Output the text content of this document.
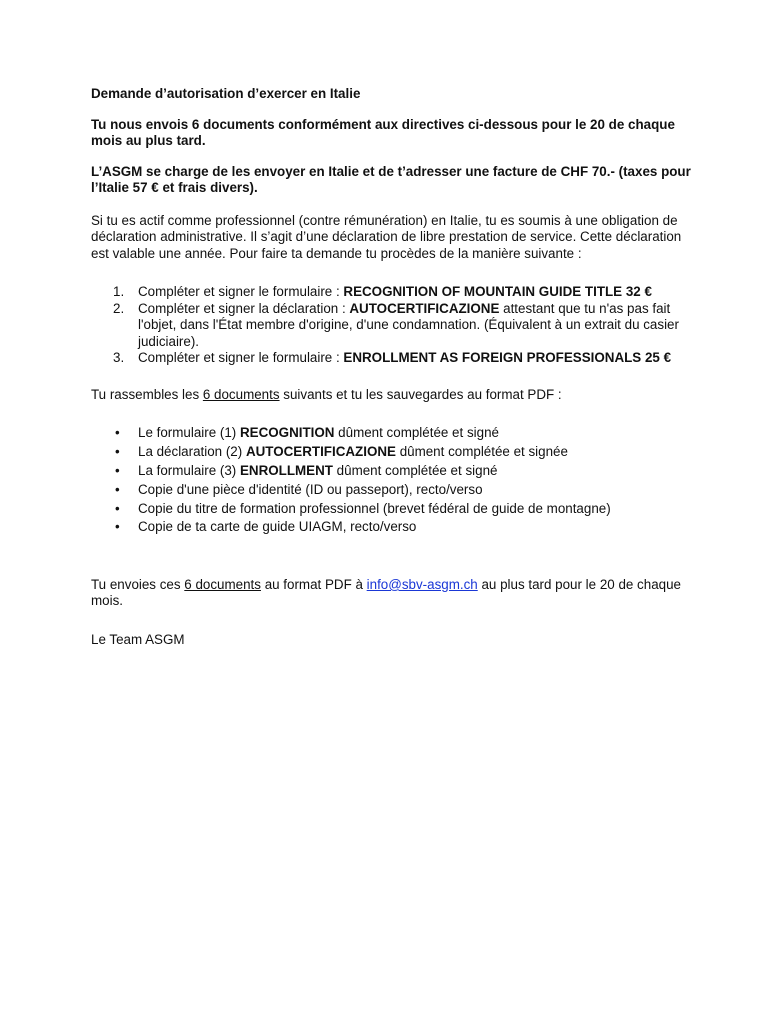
Demande d’autorisation d’exercer en Italie

Tu nous envois 6 documents conformément aux directives ci-dessous pour le 20 de chaque mois au plus tard.

L’ASGM se charge de les envoyer en Italie et de t’adresser une facture de CHF 70.- (taxes pour l’Italie 57 € et frais divers).

Si tu es actif comme professionnel (contre rémunération) en Italie, tu es soumis à une obligation de déclaration administrative. Il s’agit d’une déclaration de libre prestation de service. Cette déclaration est valable une année. Pour faire ta demande tu procèdes de la manière suivante :

1. Compléter et signer le formulaire : RECOGNITION OF MOUNTAIN GUIDE TITLE 32 €
2. Compléter et signer la déclaration : AUTOCERTIFICAZIONE attestant que tu n'as pas fait l'objet, dans l'État membre d'origine, d'une condamnation. (Équivalent à un extrait du casier judiciaire).
3. Compléter et signer le formulaire : ENROLLMENT AS FOREIGN PROFESSIONALS 25 €

Tu rassembles les 6 documents suivants et tu les sauvegardes au format PDF :

• Le formulaire (1) RECOGNITION dûment complétée et signé
• La déclaration (2) AUTOCERTIFICAZIONE dûment complétée et signée
• La formulaire (3) ENROLLMENT dûment complétée et signé
• Copie d'une pièce d'identité (ID ou passeport), recto/verso
• Copie du titre de formation professionnel (brevet fédéral de guide de montagne)
• Copie de ta carte de guide UIAGM, recto/verso

Tu envoies ces 6 documents au format PDF à info@sbv-asgm.ch au plus tard pour le 20 de chaque mois.

Le Team ASGM
